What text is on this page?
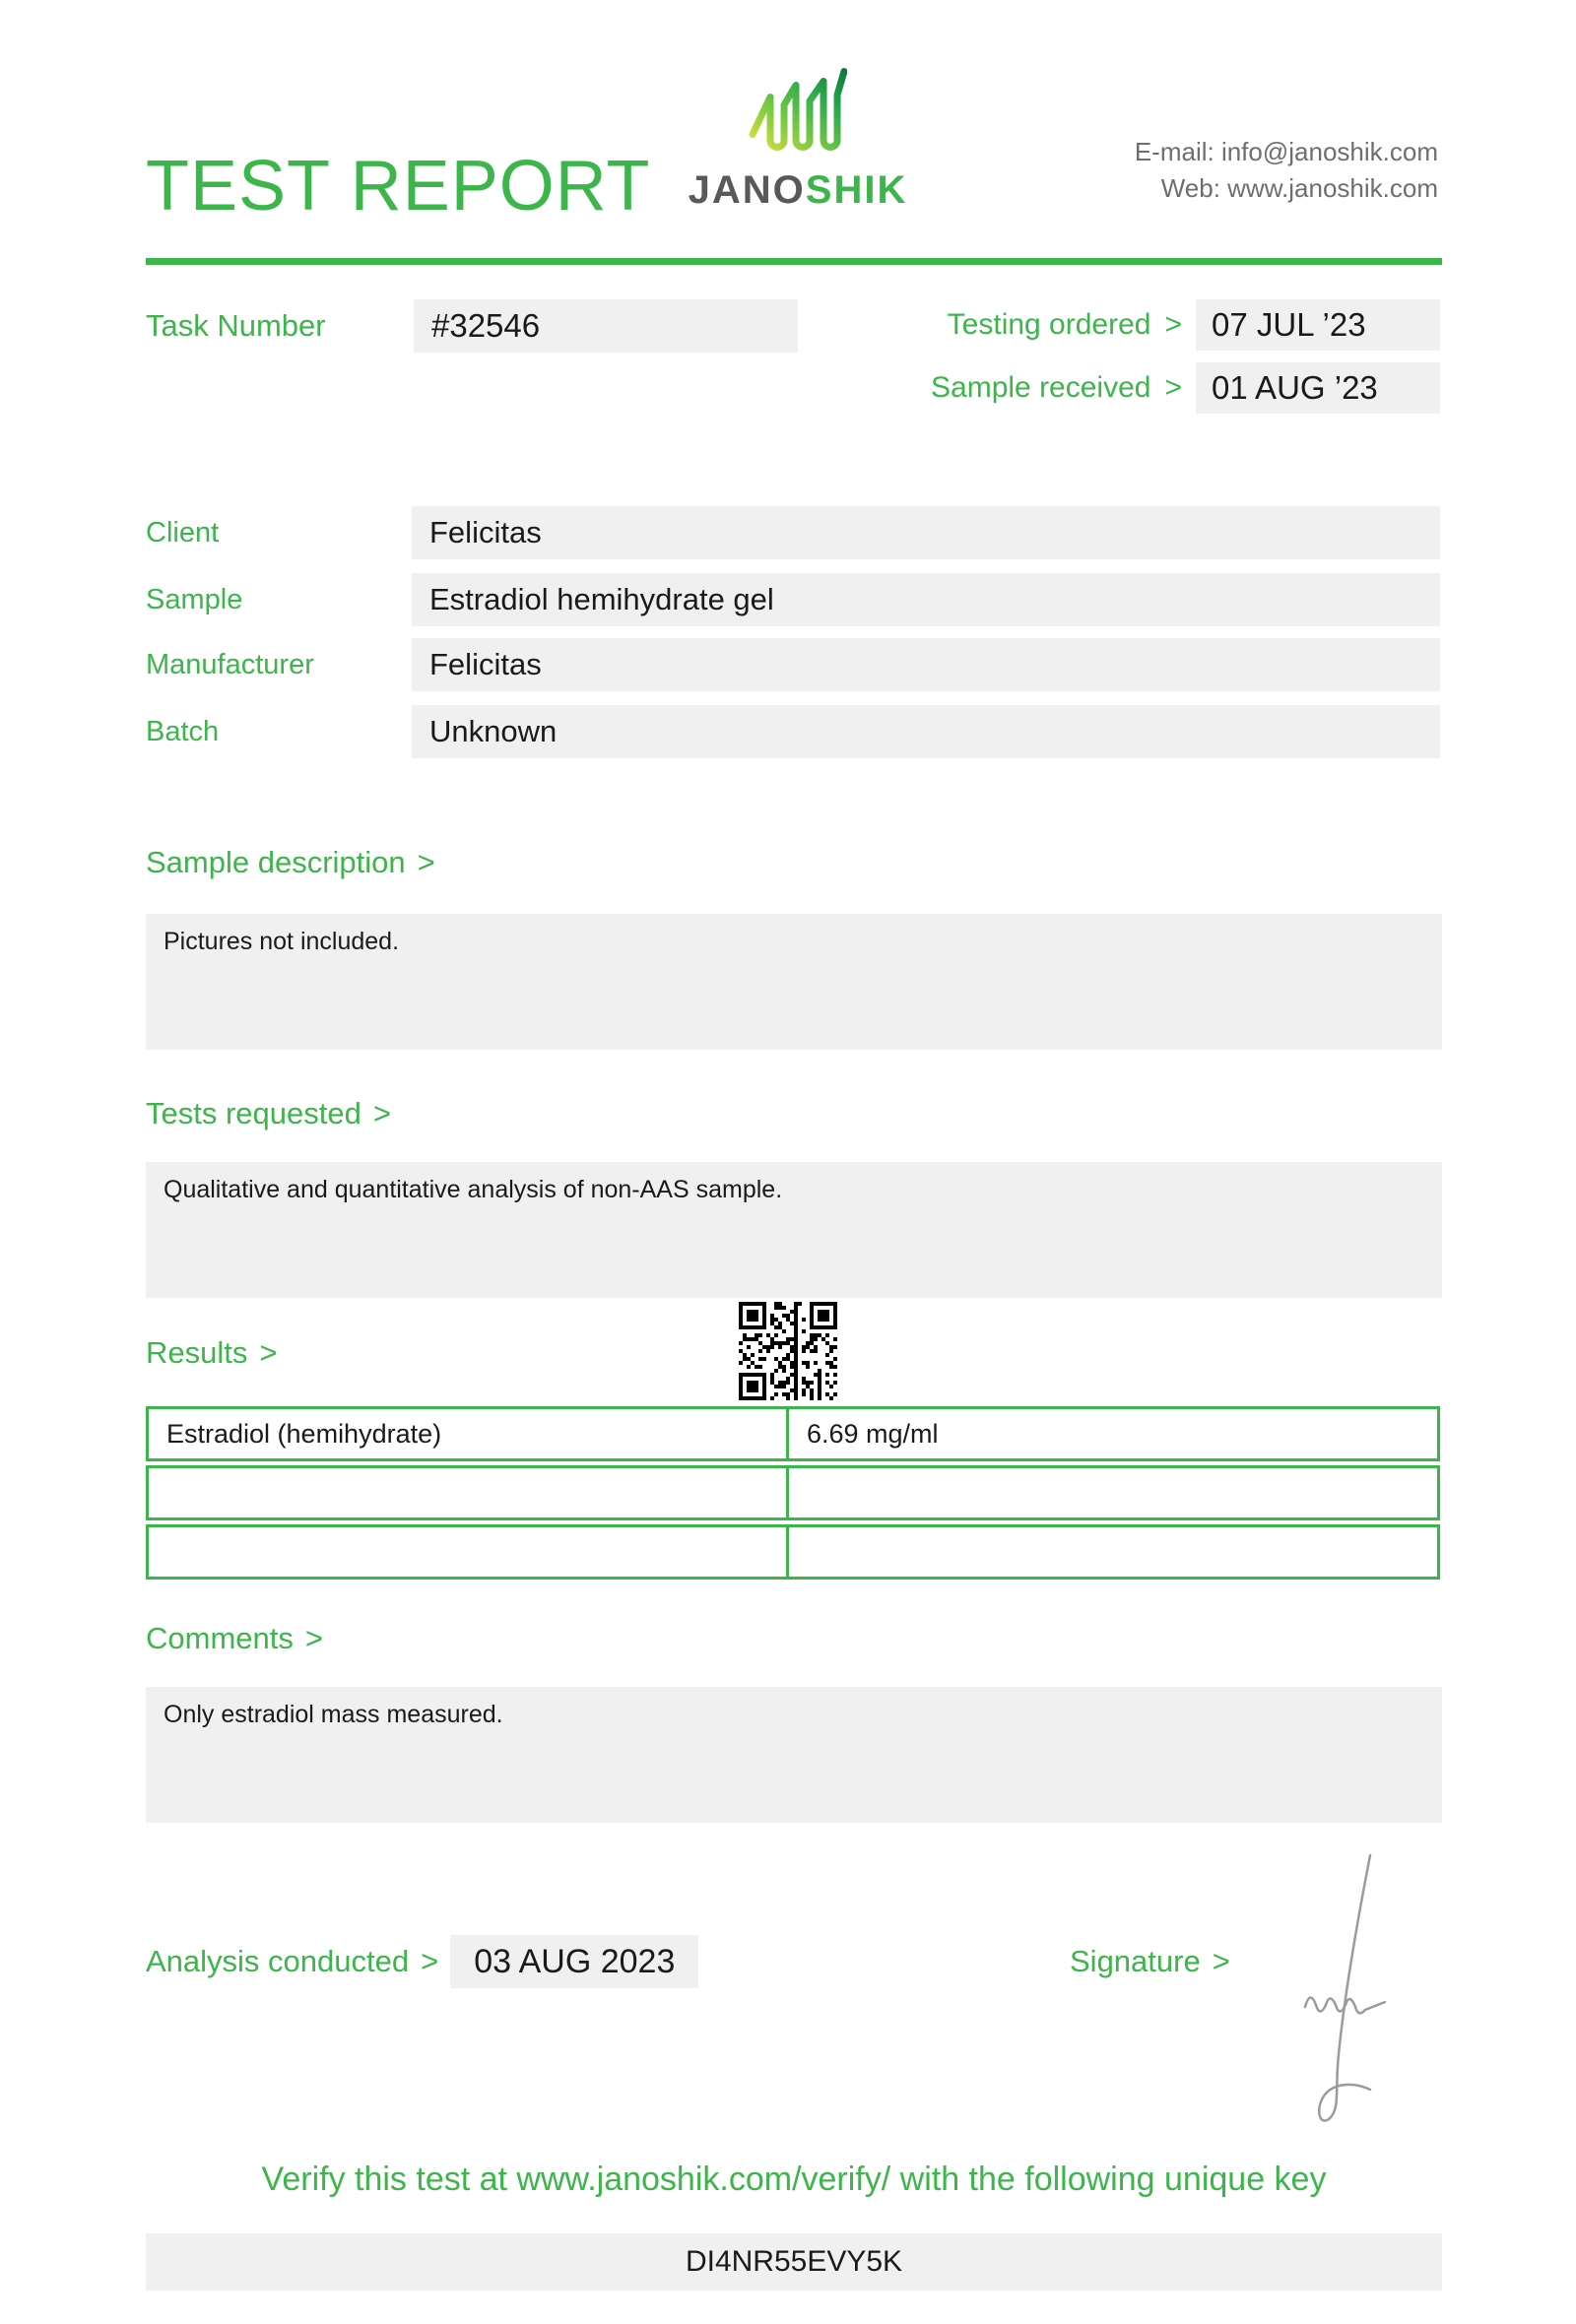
TEST REPORT JANOSHIK
E-mail: info@janoshik.com
Web: www.janoshik.com
Task Number	#32546	Testing ordered > 07 JUL ’23
Sample received > 01 AUG ’23
Client	Felicitas
Sample	Estradiol hemihydrate gel
Manufacturer	Felicitas
Batch	Unknown
Sample description >
Pictures not included.
Tests requested >
Qualitative and quantitative analysis of non-AAS sample.
Results >
Estradiol (hemihydrate)	6.69 mg/ml
Comments >
Only estradiol mass measured.
Analysis conducted >	03 AUG 2023	Signature >
Verify this test at www.janoshik.com/verify/ with the following unique key
DI4NR55EVY5K
